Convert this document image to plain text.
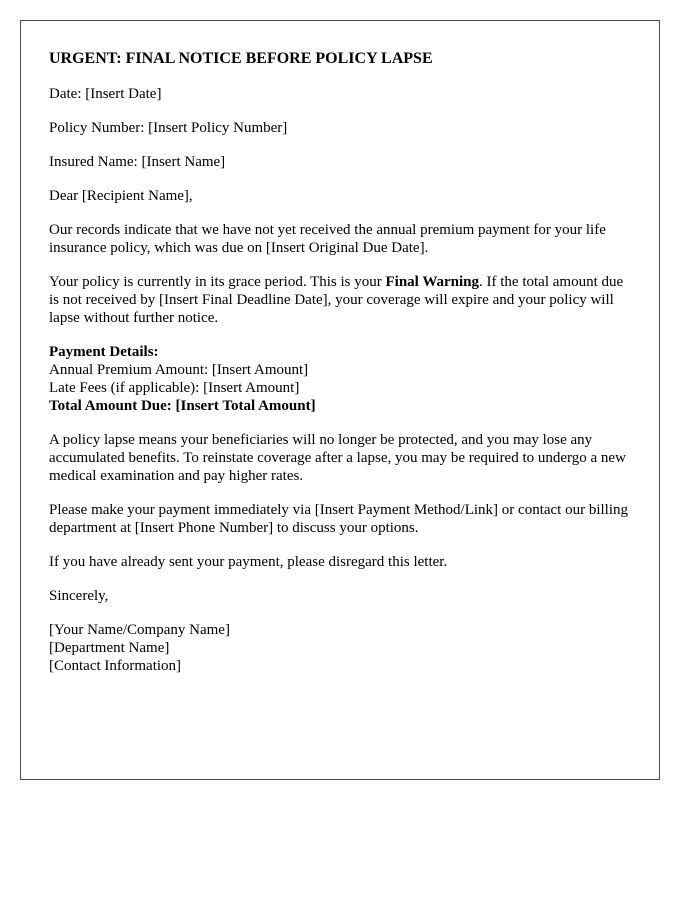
URGENT: FINAL NOTICE BEFORE POLICY LAPSE

Date: [Insert Date]

Policy Number: [Insert Policy Number]

Insured Name: [Insert Name]

Dear [Recipient Name],

Our records indicate that we have not yet received the annual premium payment for your life insurance policy, which was due on [Insert Original Due Date].

Your policy is currently in its grace period. This is your Final Warning. If the total amount due is not received by [Insert Final Deadline Date], your coverage will expire and your policy will lapse without further notice.

Payment Details:
Annual Premium Amount: [Insert Amount]
Late Fees (if applicable): [Insert Amount]
Total Amount Due: [Insert Total Amount]

A policy lapse means your beneficiaries will no longer be protected, and you may lose any accumulated benefits. To reinstate coverage after a lapse, you may be required to undergo a new medical examination and pay higher rates.

Please make your payment immediately via [Insert Payment Method/Link] or contact our billing department at [Insert Phone Number] to discuss your options.

If you have already sent your payment, please disregard this letter.

Sincerely,

[Your Name/Company Name]
[Department Name]
[Contact Information]
